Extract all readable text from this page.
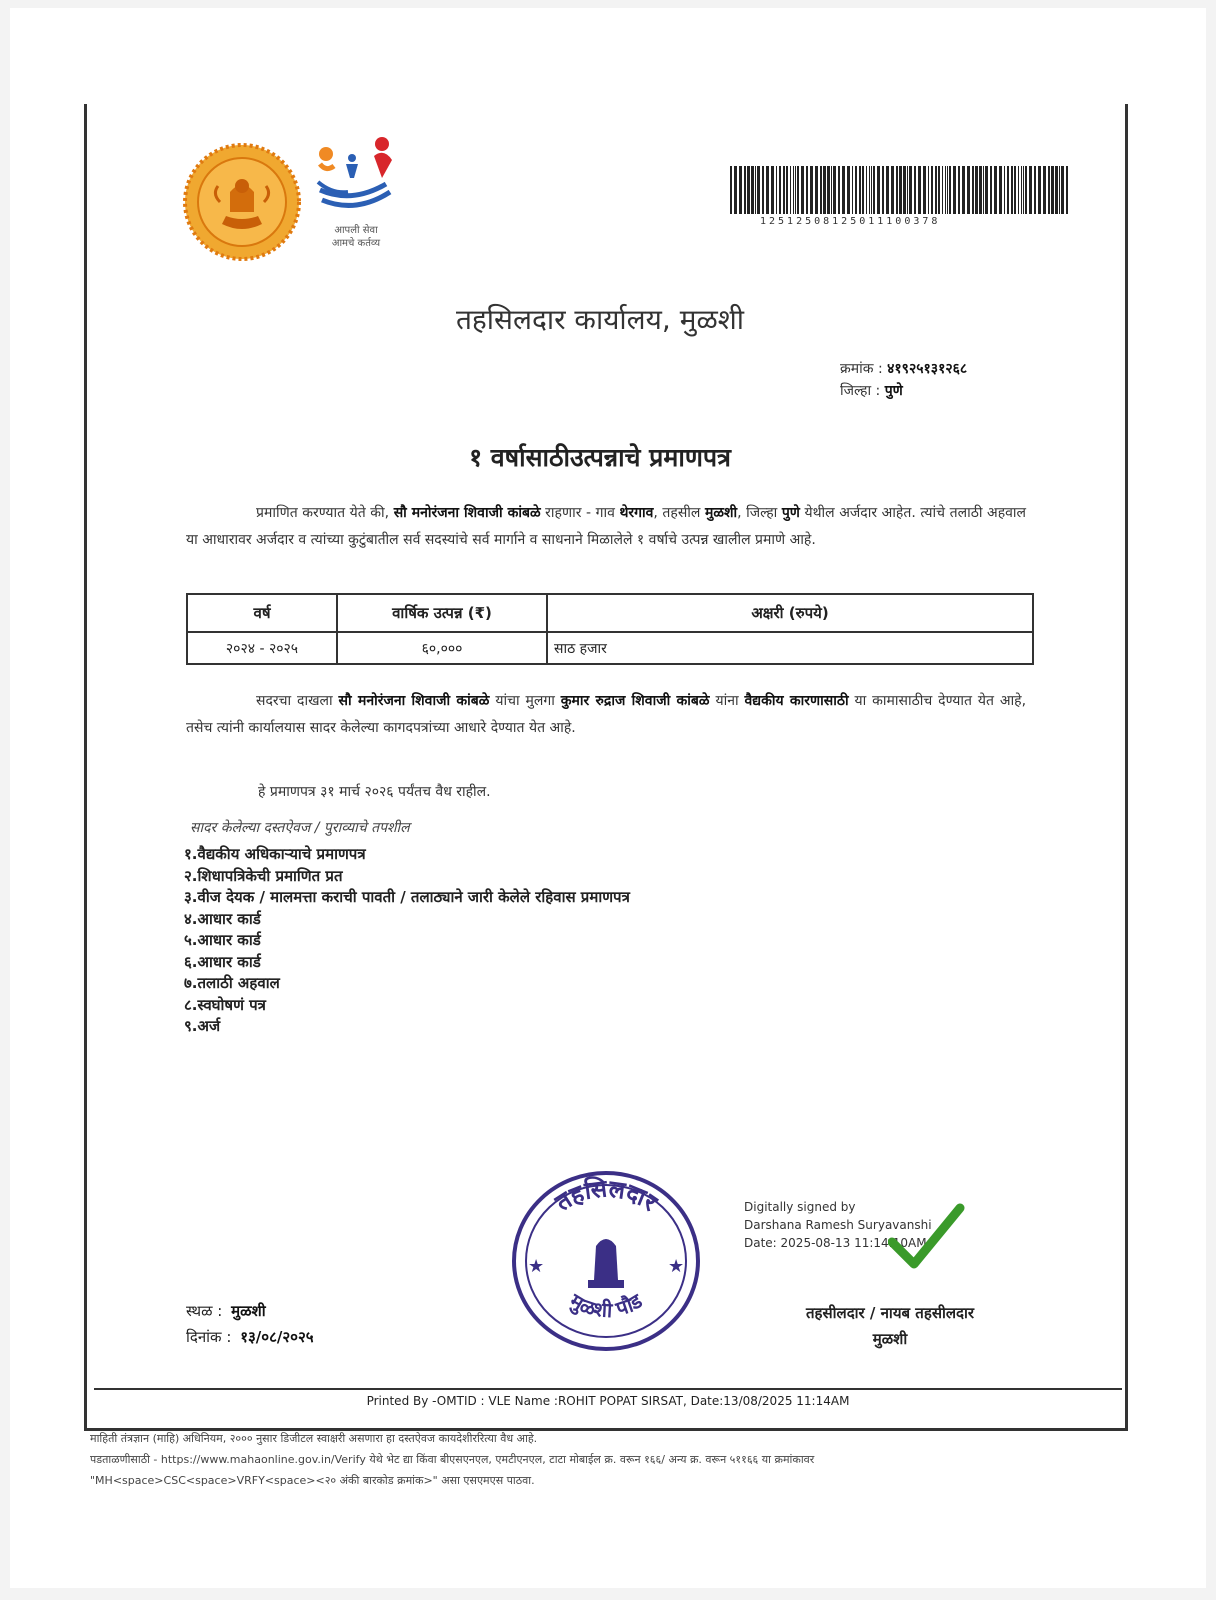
आपली सेवा
आमचे कर्तव्य
12512508125011100378
तहसिलदार कार्यालय, मुळशी
क्रमांक : ४१९२५१३१२६८
जिल्हा : पुणे
१ वर्षासाठीउत्पन्नाचे प्रमाणपत्र
प्रमाणित करण्यात येते की, सौ मनोरंजना शिवाजी कांबळे राहणार - गाव थेरगाव, तहसील मुळशी, जिल्हा पुणे येथील अर्जदार आहेत. त्यांचे तलाठी अहवाल या आधारावर अर्जदार व त्यांच्या कुटुंबातील सर्व सदस्यांचे सर्व मार्गाने व साधनाने मिळालेले १ वर्षाचे उत्पन्न खालील प्रमाणे आहे.
वर्ष	वार्षिक उत्पन्न (₹)	अक्षरी (रुपये)
२०२४ - २०२५	६०,०००	साठ हजार
सदरचा दाखला सौ मनोरंजना शिवाजी कांबळे यांचा मुलगा कुमार रुद्राज शिवाजी कांबळे यांना वैद्यकीय कारणासाठी या कामासाठीच देण्यात येत आहे, तसेच त्यांनी कार्यालयास सादर केलेल्या कागदपत्रांच्या आधारे देण्यात येत आहे.
हे प्रमाणपत्र ३१ मार्च २०२६ पर्यंतच वैध राहील.
सादर केलेल्या दस्तऐवज / पुराव्याचे तपशील
१.वैद्यकीय अधिकाऱ्याचे प्रमाणपत्र
२.शिधापत्रिकेची प्रमाणित प्रत
३.वीज देयक / मालमत्ता कराची पावती / तलाठ्याने जारी केलेले रहिवास प्रमाणपत्र
४.आधार कार्ड
५.आधार कार्ड
६.आधार कार्ड
७.तलाठी अहवाल
८.स्वघोषणं पत्र
९.अर्ज
तहसिलदार
मुळशी पौड
★	★
Digitally signed by
Darshana Ramesh Suryavanshi
Date: 2025-08-13 11:14:10AM
स्थळ : मुळशी
दिनांक : १३/०८/२०२५
तहसीलदार / नायब तहसीलदार
मुळशी
Printed By -OMTID : VLE Name :ROHIT POPAT SIRSAT, Date:13/08/2025 11:14AM
माहिती तंत्रज्ञान (माहि) अधिनियम, २००० नुसार डिजीटल स्वाक्षरी असणारा हा दस्तऐवज कायदेशीररित्या वैध आहे.
पडताळणीसाठी - https://www.mahaonline.gov.in/Verify येथे भेट द्या किंवा बीएसएनएल, एमटीएनएल, टाटा मोबाईल क्र. वरून १६६/ अन्य क्र. वरून ५११६६ या क्रमांकावर
"MH<space>CSC<space>VRFY<space><२० अंकी बारकोड क्रमांक>" असा एसएमएस पाठवा.
